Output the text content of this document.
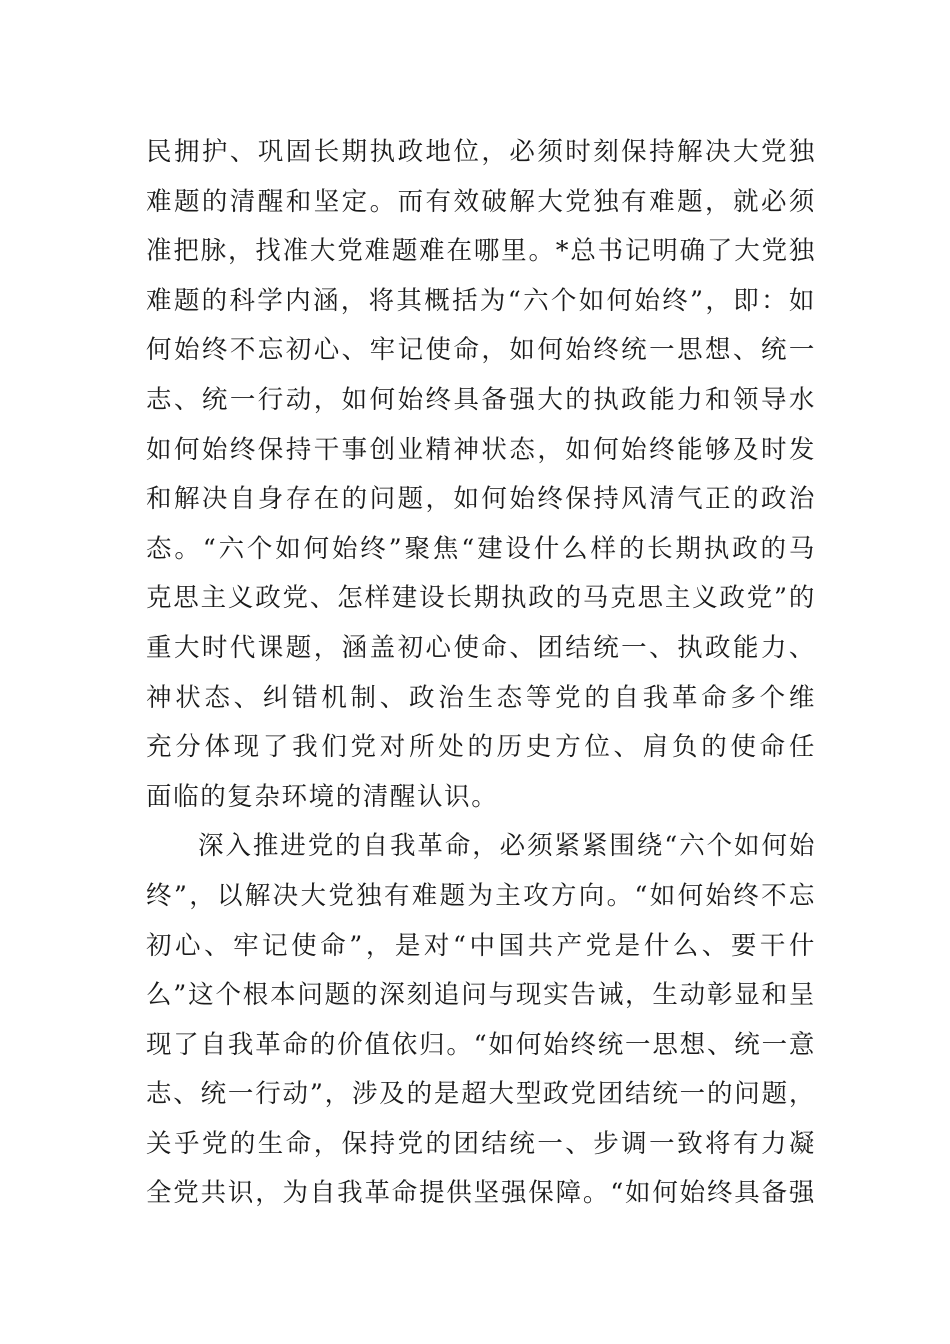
民拥护、巩固长期执政地位，必须时刻保持解决大党独
难题的清醒和坚定。而有效破解大党独有难题，就必须
准把脉，找准大党难题难在哪里。*总书记明确了大党独
难题的科学内涵，将其概括为“六个如何始终”，即：如
何始终不忘初心、牢记使命，如何始终统一思想、统一
志、统一行动，如何始终具备强大的执政能力和领导水
如何始终保持干事创业精神状态，如何始终能够及时发
和解决自身存在的问题，如何始终保持风清气正的政治
态。“六个如何始终”聚焦“建设什么样的长期执政的马
克思主义政党、怎样建设长期执政的马克思主义政党”的
重大时代课题，涵盖初心使命、团结统一、执政能力、
神状态、纠错机制、政治生态等党的自我革命多个维
充分体现了我们党对所处的历史方位、肩负的使命任
面临的复杂环境的清醒认识。
深入推进党的自我革命，必须紧紧围绕“六个如何始
终”，以解决大党独有难题为主攻方向。“如何始终不忘
初心、牢记使命”，是对“中国共产党是什么、要干什
么”这个根本问题的深刻追问与现实告诫，生动彰显和呈
现了自我革命的价值依归。“如何始终统一思想、统一意
志、统一行动”，涉及的是超大型政党团结统一的问题，
关乎党的生命，保持党的团结统一、步调一致将有力凝
全党共识，为自我革命提供坚强保障。“如何始终具备强
